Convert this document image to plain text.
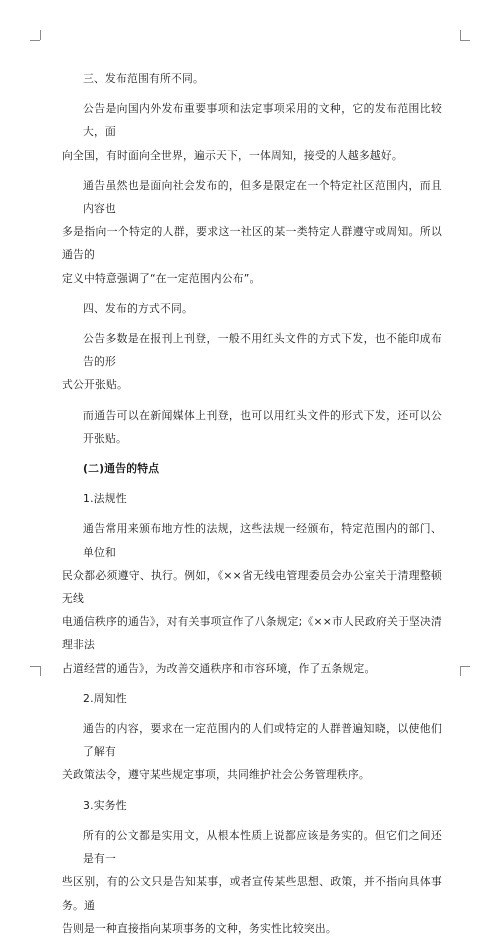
三、发布范围有所不同。

公告是向国内外发布重要事项和法定事项采用的文种，它的发布范围比较大，面
向全国，有时面向全世界，遍示天下，一体周知，接受的人越多越好。

通告虽然也是面向社会发布的，但多是限定在一个特定社区范围内，而且内容也
多是指向一个特定的人群，要求这一社区的某一类特定人群遵守或周知。所以通告的
定义中特意强调了“在一定范围内公布”。

四、发布的方式不同。

公告多数是在报刊上刊登，一般不用红头文件的方式下发，也不能印成布告的形
式公开张贴。

而通告可以在新闻媒体上刊登，也可以用红头文件的形式下发，还可以公开张贴。

(二)通告的特点

1.法规性

通告常用来颁布地方性的法规，这些法规一经颁布，特定范围内的部门、单位和
民众都必须遵守、执行。例如，《××省无线电管理委员会办公室关于清理整顿无线
电通信秩序的通告》，对有关事项宣作了八条规定;《××市人民政府关于坚决清理非法
占道经营的通告》，为改善交通秩序和市容环境，作了五条规定。

2.周知性

通告的内容，要求在一定范围内的人们或特定的人群普遍知晓，以使他们了解有
关政策法令，遵守某些规定事项，共同维护社会公务管理秩序。

3.实务性

所有的公文都是实用文，从根本性质上说都应该是务实的。但它们之间还是有一
些区别，有的公文只是告知某事，或者宣传某些思想、政策，并不指向具体事务。通
告则是一种直接指向某项事务的文种，务实性比较突出。
